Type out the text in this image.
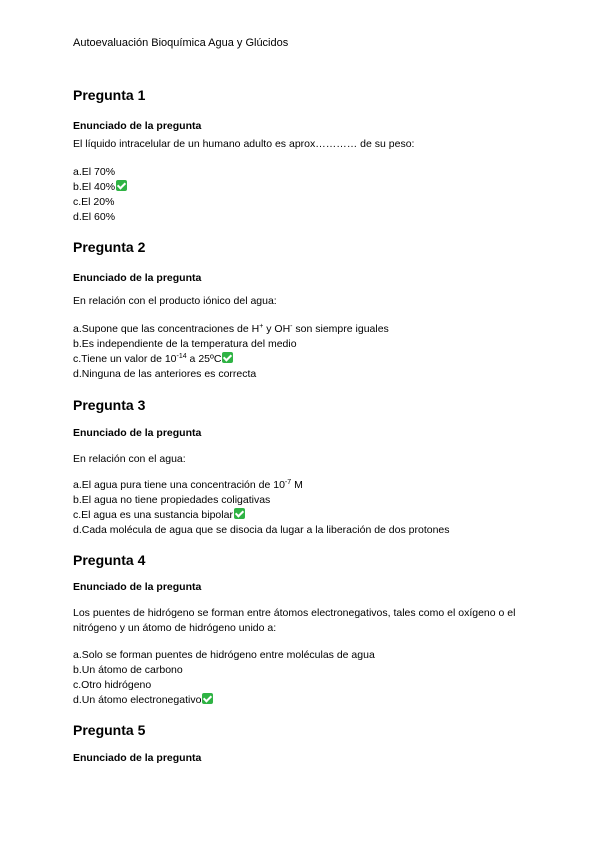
Autoevaluación Bioquímica Agua y Glúcidos
Pregunta 1
Enunciado de la pregunta
El líquido intracelular de un humano adulto es aprox………… de su peso:
a.El 70%
b.El 40%
c.El 20%
d.El 60%
Pregunta 2
Enunciado de la pregunta
En relación con el producto iónico del agua:
a.Supone que las concentraciones de H+ y OH- son siempre iguales
b.Es independiente de la temperatura del medio
c.Tiene un valor de $10^{-14}$ a 25ºC
d.Ninguna de las anteriores es correcta
Pregunta 3
Enunciado de la pregunta
En relación con el agua:
a.El agua pura tiene una concentración de $10^{-7}$ M
b.El agua no tiene propiedades coligativas
c.El agua es una sustancia bipolar
d.Cada molécula de agua que se disocia da lugar a la liberación de dos protones
Pregunta 4
Enunciado de la pregunta
Los puentes de hidrógeno se forman entre átomos electronegativos, tales como el oxígeno o el nitrógeno y un átomo de hidrógeno unido a:
a.Solo se forman puentes de hidrógeno entre moléculas de agua
b.Un átomo de carbono
c.Otro hidrógeno
d.Un átomo electronegativo
Pregunta 5
Enunciado de la pregunta
